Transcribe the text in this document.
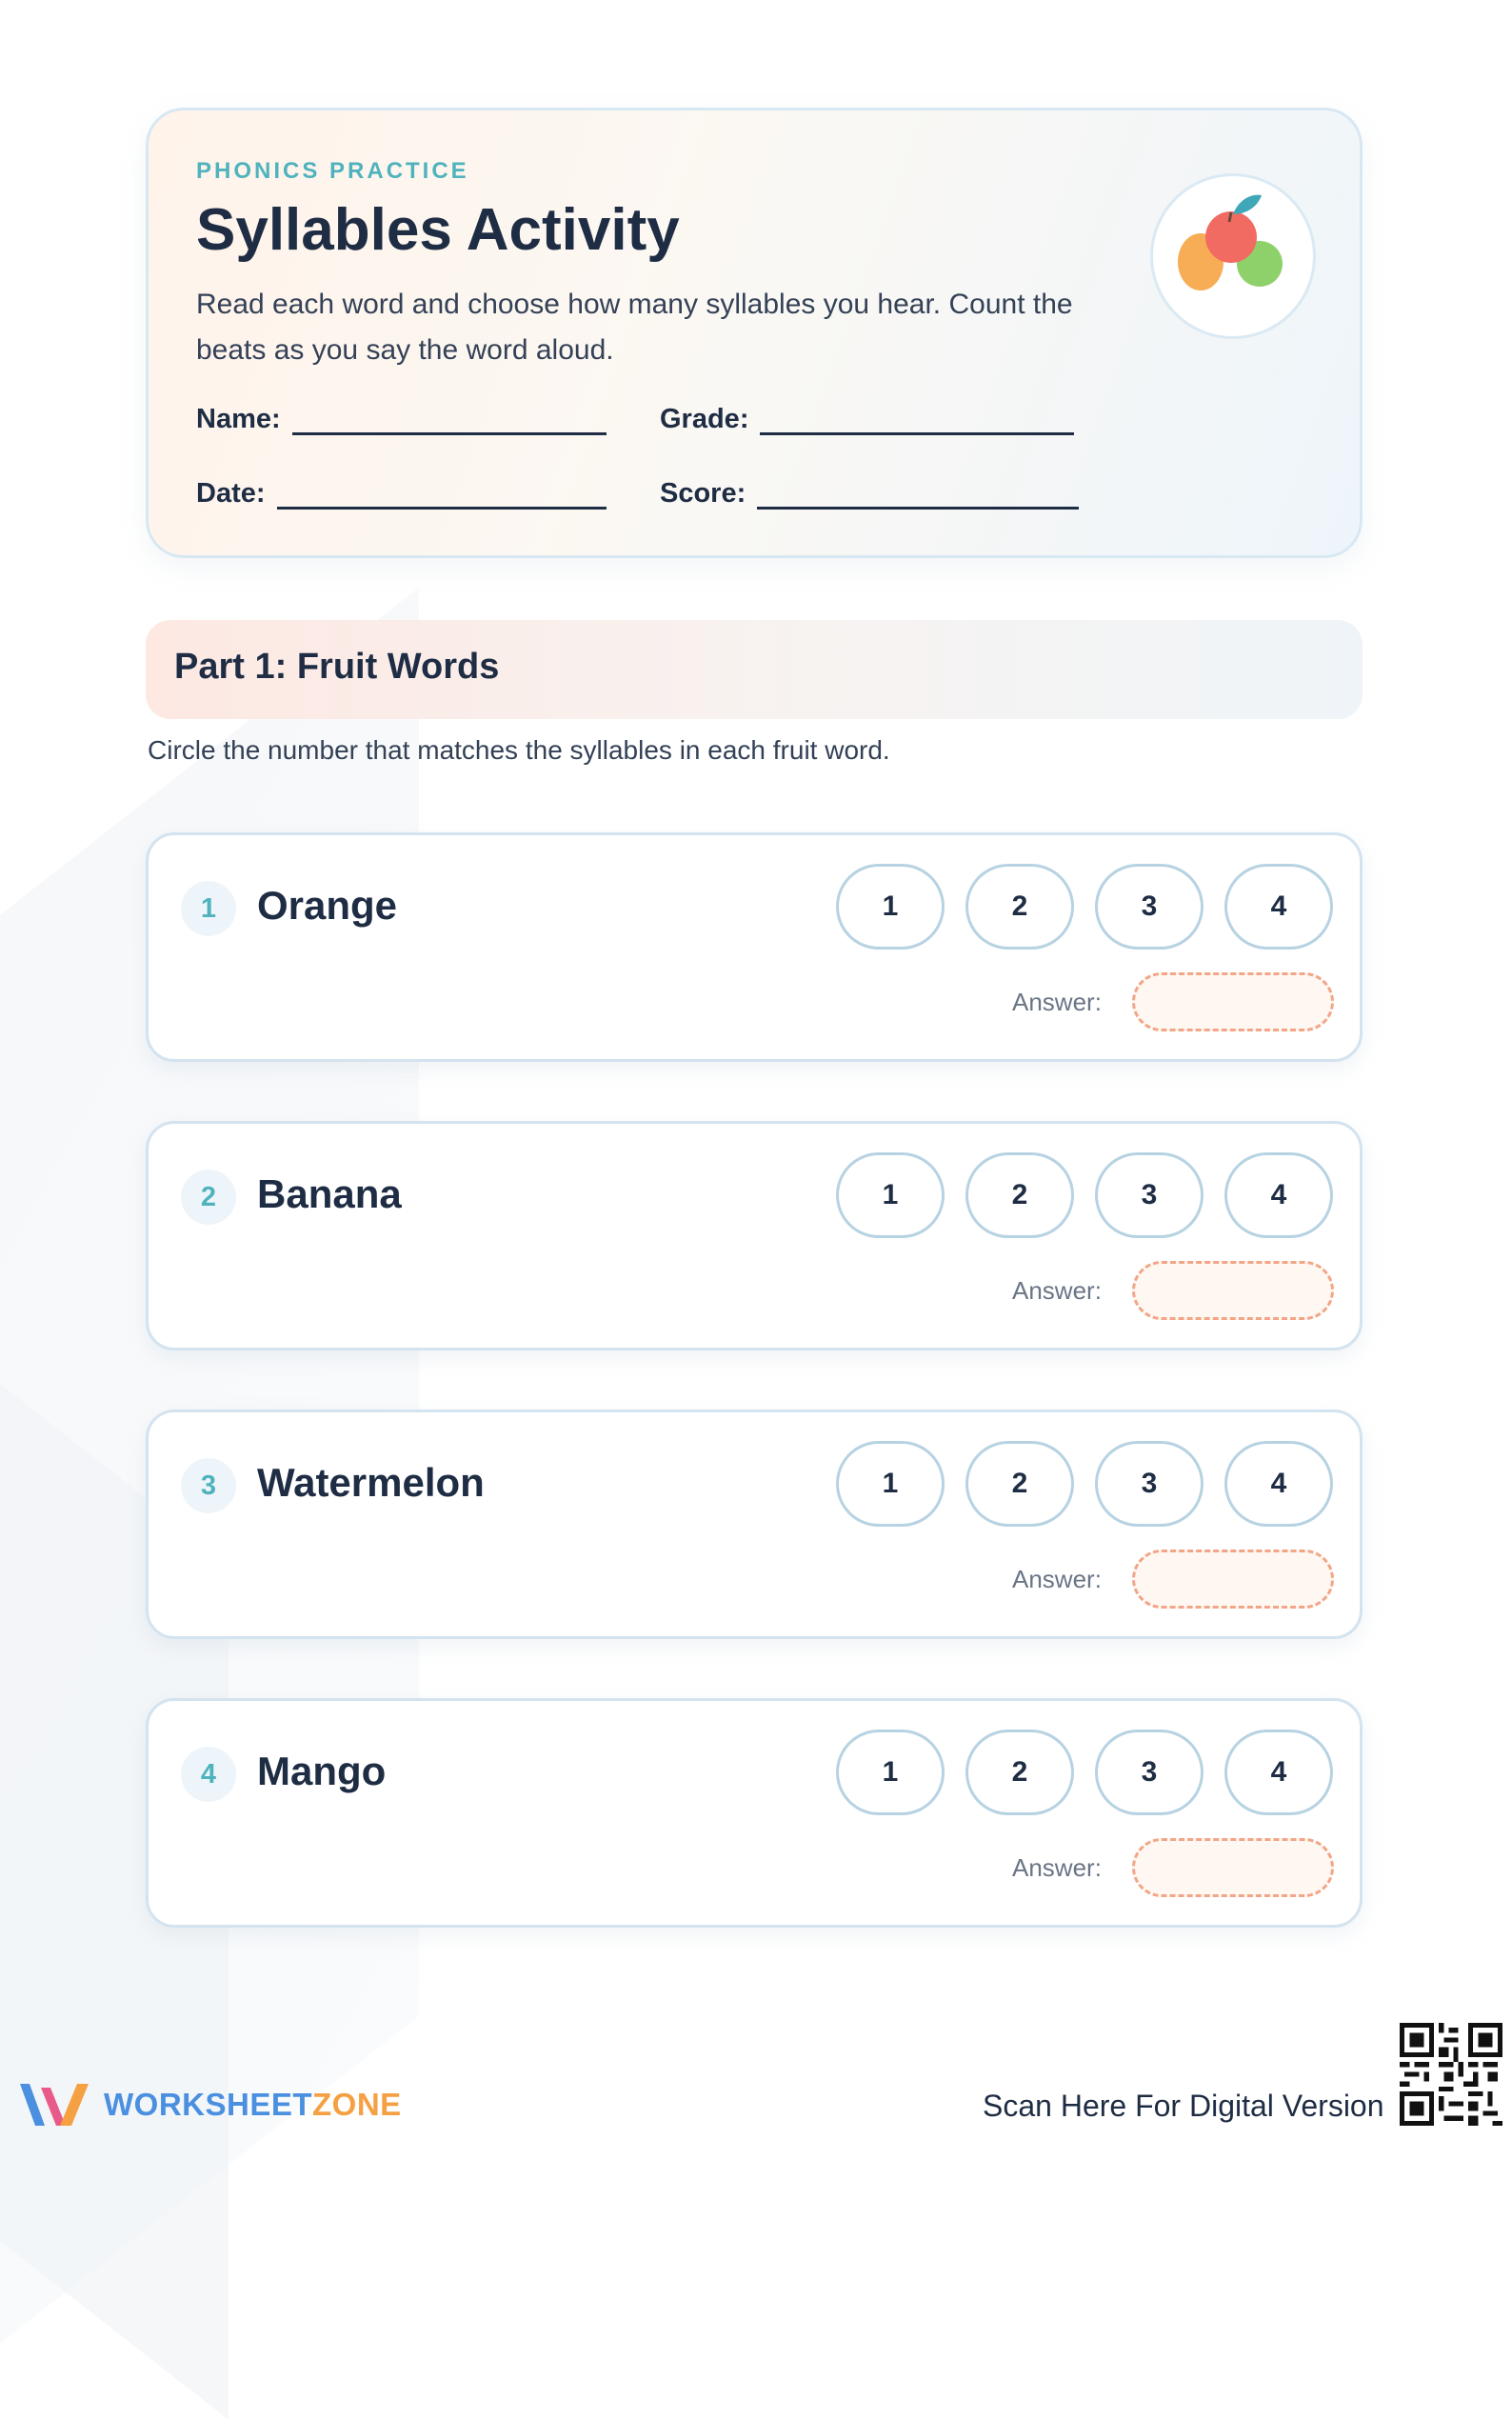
PHONICS PRACTICE
Syllables Activity
Read each word and choose how many syllables you hear. Count the beats as you say the word aloud.
Name:	Grade:
Date:	Score:
Part 1: Fruit Words
Circle the number that matches the syllables in each fruit word.
1	Orange	1	2	3	4
Answer:
2	Banana	1	2	3	4
Answer:
3	Watermelon	1	2	3	4
Answer:
4	Mango	1	2	3	4
Answer:
WORKSHEETZONE	Scan Here For Digital Version
